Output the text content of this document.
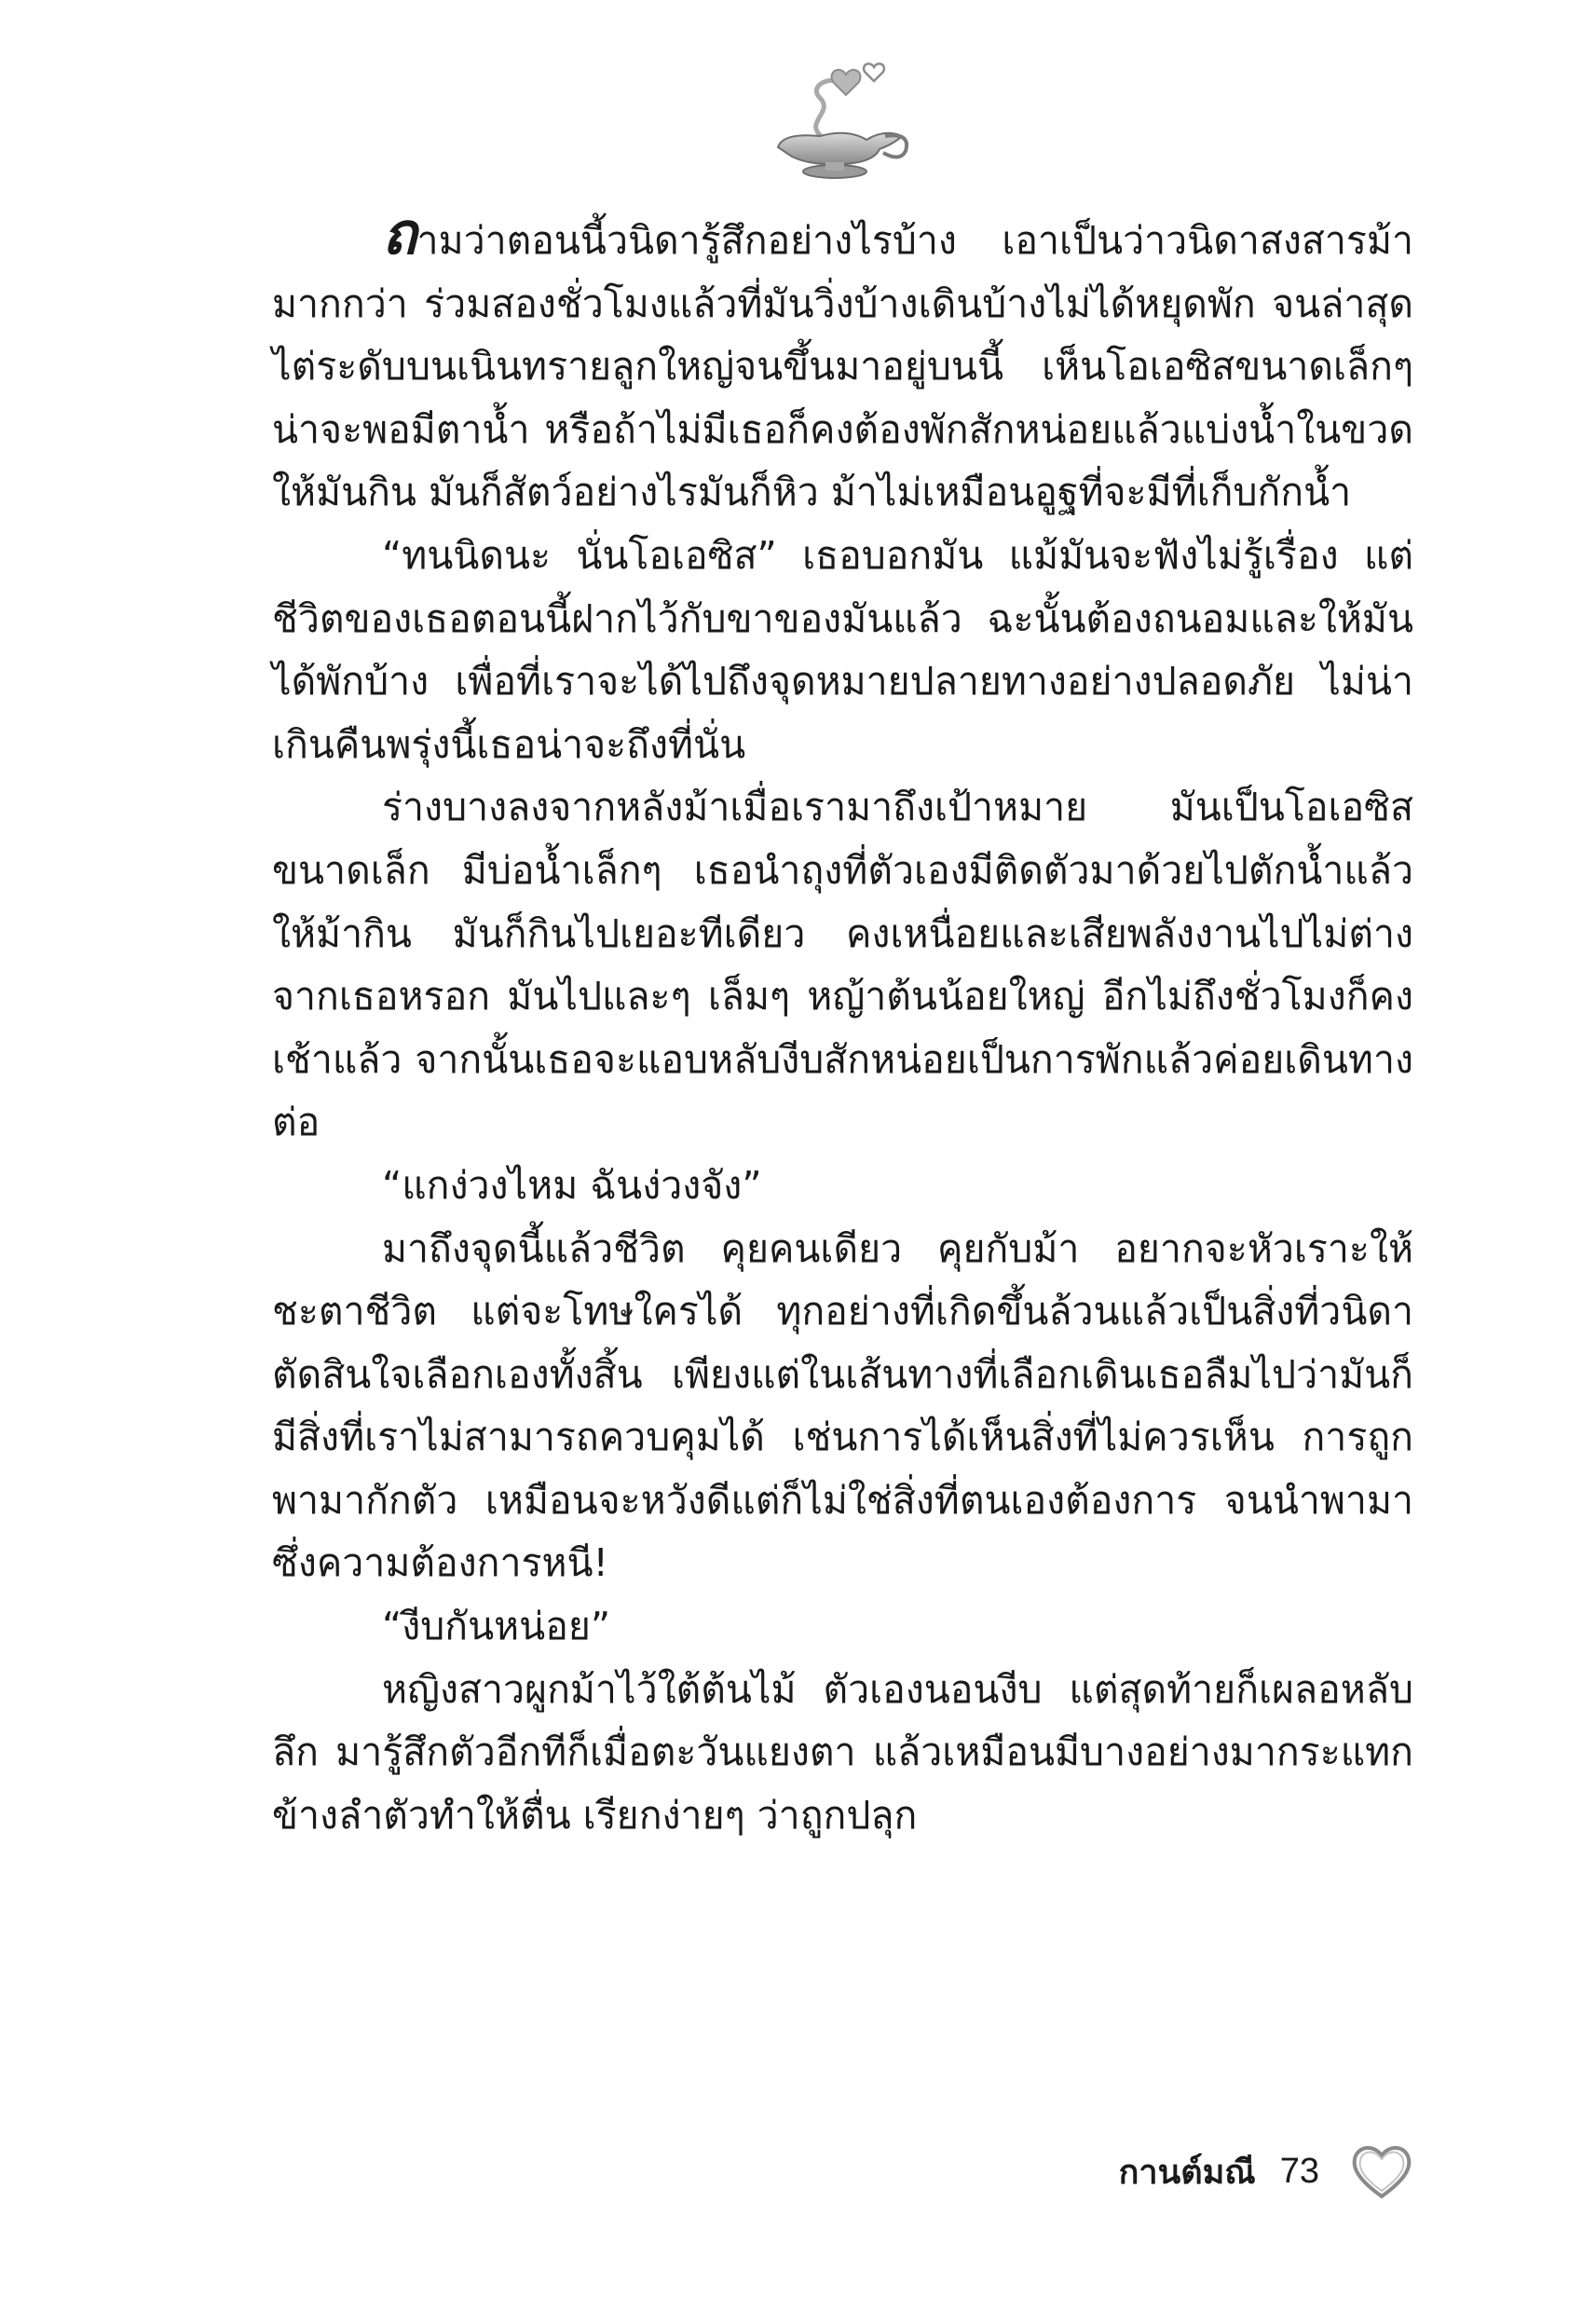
ถามว่าตอนนี้วนิดารู้สึกอย่างไรบ้าง เอาเป็นว่าวนิดาสงสารม้ามากกว่า ร่วมสองชั่วโมงแล้วที่มันวิ่งบ้างเดินบ้างไม่ได้หยุดพัก จนล่าสุดไต่ระดับบนเนินทรายลูกใหญ่จนขึ้นมาอยู่บนนี้ เห็นโอเอซิสขนาดเล็กๆ น่าจะพอมีตาน้ำ หรือถ้าไม่มีเธอก็คงต้องพักสักหน่อยแล้วแบ่งน้ำในขวดให้มันกิน มันก็สัตว์อย่างไรมันก็หิว ม้าไม่เหมือนอูฐที่จะมีที่เก็บกักน้ำ

“ทนนิดนะ นั่นโอเอซิส” เธอบอกมัน แม้มันจะฟังไม่รู้เรื่อง แต่ชีวิตของเธอตอนนี้ฝากไว้กับขาของมันแล้ว ฉะนั้นต้องถนอมและให้มันได้พักบ้าง เพื่อที่เราจะได้ไปถึงจุดหมายปลายทางอย่างปลอดภัย ไม่น่าเกินคืนพรุ่งนี้เธอน่าจะถึงที่นั่น

ร่างบางลงจากหลังม้าเมื่อเรามาถึงเป้าหมาย มันเป็นโอเอซิสขนาดเล็ก มีบ่อน้ำเล็กๆ เธอนำถุงที่ตัวเองมีติดตัวมาด้วยไปตักน้ำแล้วให้ม้ากิน มันก็กินไปเยอะทีเดียว คงเหนื่อยและเสียพลังงานไปไม่ต่างจากเธอหรอก มันไปและๆ เล็มๆ หญ้าต้นน้อยใหญ่ อีกไม่ถึงชั่วโมงก็คงเช้าแล้ว จากนั้นเธอจะแอบหลับงีบสักหน่อยเป็นการพักแล้วค่อยเดินทางต่อ

“แกง่วงไหม ฉันง่วงจัง”

มาถึงจุดนี้แล้วชีวิต คุยคนเดียว คุยกับม้า อยากจะหัวเราะให้ชะตาชีวิต แต่จะโทษใครได้ ทุกอย่างที่เกิดขึ้นล้วนแล้วเป็นสิ่งที่วนิดาตัดสินใจเลือกเองทั้งสิ้น เพียงแต่ในเส้นทางที่เลือกเดินเธอลืมไปว่ามันก็มีสิ่งที่เราไม่สามารถควบคุมได้ เช่นการได้เห็นสิ่งที่ไม่ควรเห็น การถูกพามากักตัว เหมือนจะหวังดีแต่ก็ไม่ใช่สิ่งที่ตนเองต้องการ จนนำพามาซึ่งความต้องการหนี!

“งีบกันหน่อย”

หญิงสาวผูกม้าไว้ใต้ต้นไม้ ตัวเองนอนงีบ แต่สุดท้ายก็เผลอหลับลึก มารู้สึกตัวอีกทีก็เมื่อตะวันแยงตา แล้วเหมือนมีบางอย่างมากระแทกข้างลำตัวทำให้ตื่น เรียกง่ายๆ ว่าถูกปลุก

กานต์มณี 73
